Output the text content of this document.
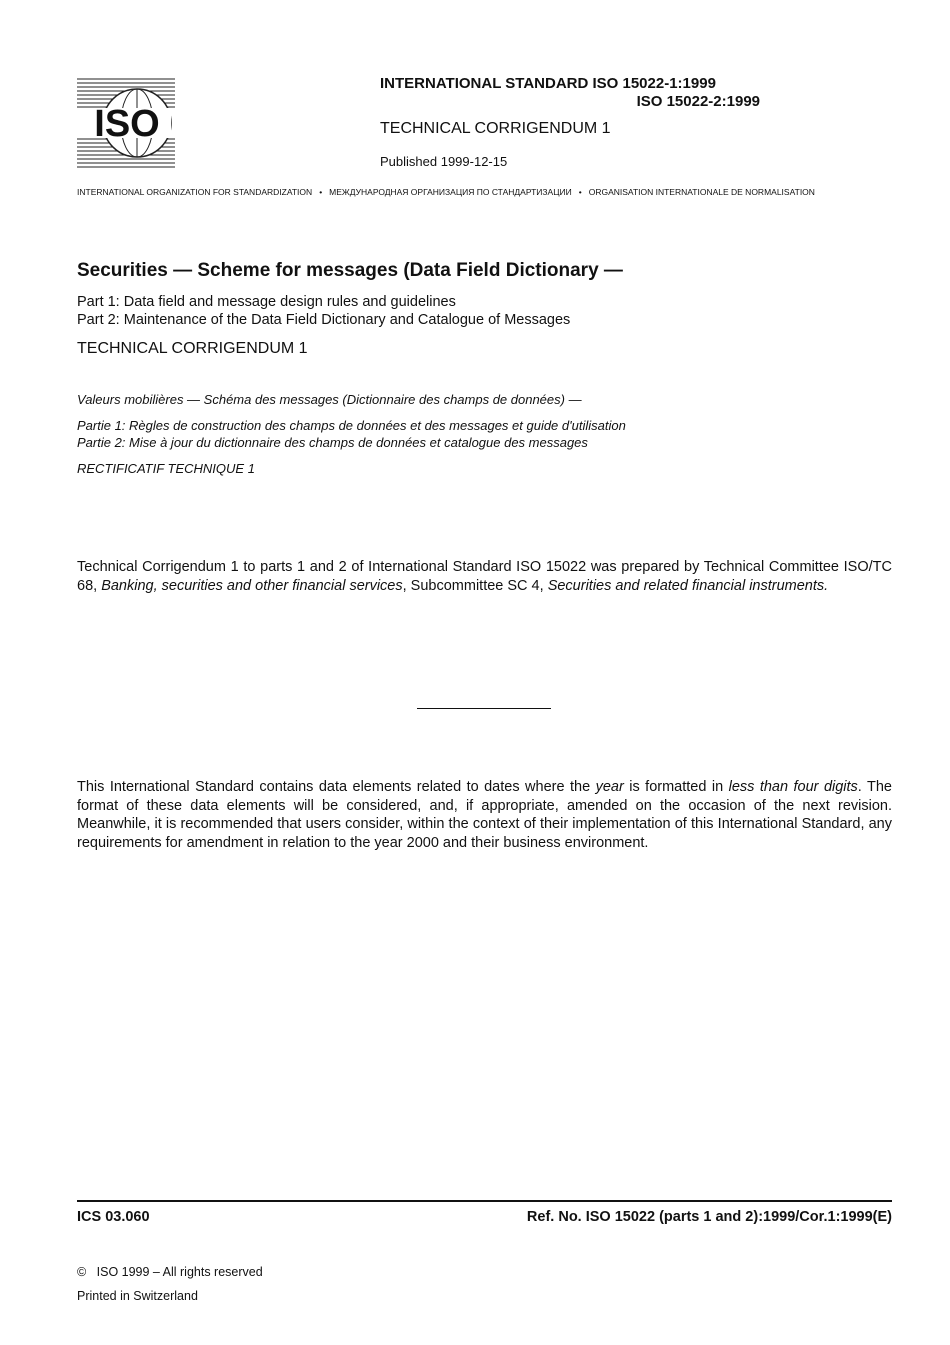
ISO
INTERNATIONAL STANDARD ISO 15022-1:1999
ISO 15022-2:1999
TECHNICAL CORRIGENDUM 1
Published 1999-12-15
INTERNATIONAL ORGANIZATION FOR STANDARDIZATION • МЕЖДУНАРОДНАЯ ОРГАНИЗАЦИЯ ПО СТАНДАРТИЗАЦИИ • ORGANISATION INTERNATIONALE DE NORMALISATION
Securities — Scheme for messages (Data Field Dictionary —
Part 1: Data field and message design rules and guidelines
Part 2: Maintenance of the Data Field Dictionary and Catalogue of Messages
TECHNICAL CORRIGENDUM 1
Valeurs mobilières — Schéma des messages (Dictionnaire des champs de données) —
Partie 1: Règles de construction des champs de données et des messages et guide d'utilisation
Partie 2: Mise à jour du dictionnaire des champs de données et catalogue des messages
RECTIFICATIF TECHNIQUE 1
Technical Corrigendum 1 to parts 1 and 2 of International Standard ISO 15022 was prepared by Technical Committee ISO/TC 68, Banking, securities and other financial services, Subcommittee SC 4, Securities and related financial instruments.
This International Standard contains data elements related to dates where the year is formatted in less than four digits. The format of these data elements will be considered, and, if appropriate, amended on the occasion of the next revision. Meanwhile, it is recommended that users consider, within the context of their implementation of this International Standard, any requirements for amendment in relation to the year 2000 and their business environment.
ICS 03.060	Ref. No. ISO 15022 (parts 1 and 2):1999/Cor.1:1999(E)
©   ISO 1999 – All rights reserved
Printed in Switzerland
